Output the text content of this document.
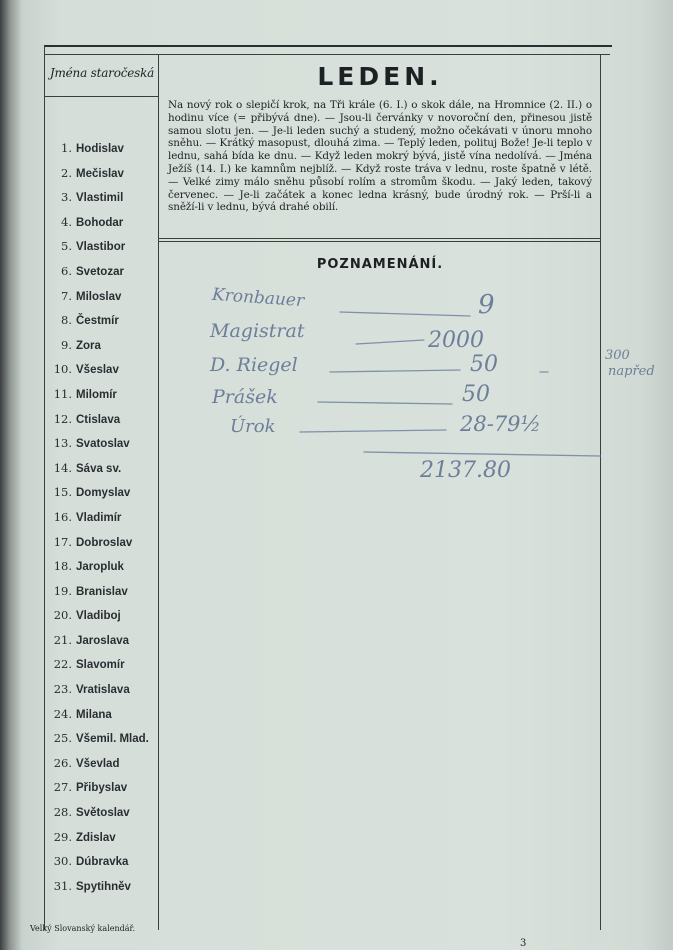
Jména staročeská
1. Hodislav
2. Mečislav
3. Vlastimil
4. Bohodar
5. Vlastibor
6. Svetozar
7. Miloslav
8. Čestmír
9. Zora
10. Všeslav
11. Milomír
12. Ctislava
13. Svatoslav
14. Sáva sv.
15. Domyslav
16. Vladimír
17. Dobroslav
18. Jaropluk
19. Branislav
20. Vladiboj
21. Jaroslava
22. Slavomír
23. Vratislava
24. Milana
25. Všemil. Mlad.
26. Vševlad
27. Přibyslav
28. Světoslav
29. Zdislav
30. Dúbravka
31. Spytihněv
LEDEN.

Na nový rok o slepičí krok, na Tři krále (6. I.) o skok dále, na Hromnice (2. II.) o hodinu více (= přibývá dne). — Jsou-li červánky v novoroční den, přinesou jistě samou slotu jen. — Je-li leden suchý a studený, možno očekávati v únoru mnoho sněhu. — Krátký masopust, dlouhá zima. — Teplý leden, polituj Bože! Je-li teplo v lednu, sahá bída ke dnu. — Když leden mokrý bývá, jistě vína nedolívá. — Jména Ježíš (14. I.) ke kamnům nejblíž. — Když roste tráva v lednu, roste špatně v létě. — Velké zimy málo sněhu působí rolím a stromům škodu. — Jaký leden, takový červenec. — Je-li začátek a konec ledna krásný, bude úrodný rok. — Prší-li a sněží-li v lednu, bývá drahé obilí.

POZNAMENÁNÍ.
Kronbauer	9
Magistrat	2000
D. Riegel	50
Prášek	50
Úrok	28-79½
2137.80
300
napřed
Velký Slovanský kalendář.
3
